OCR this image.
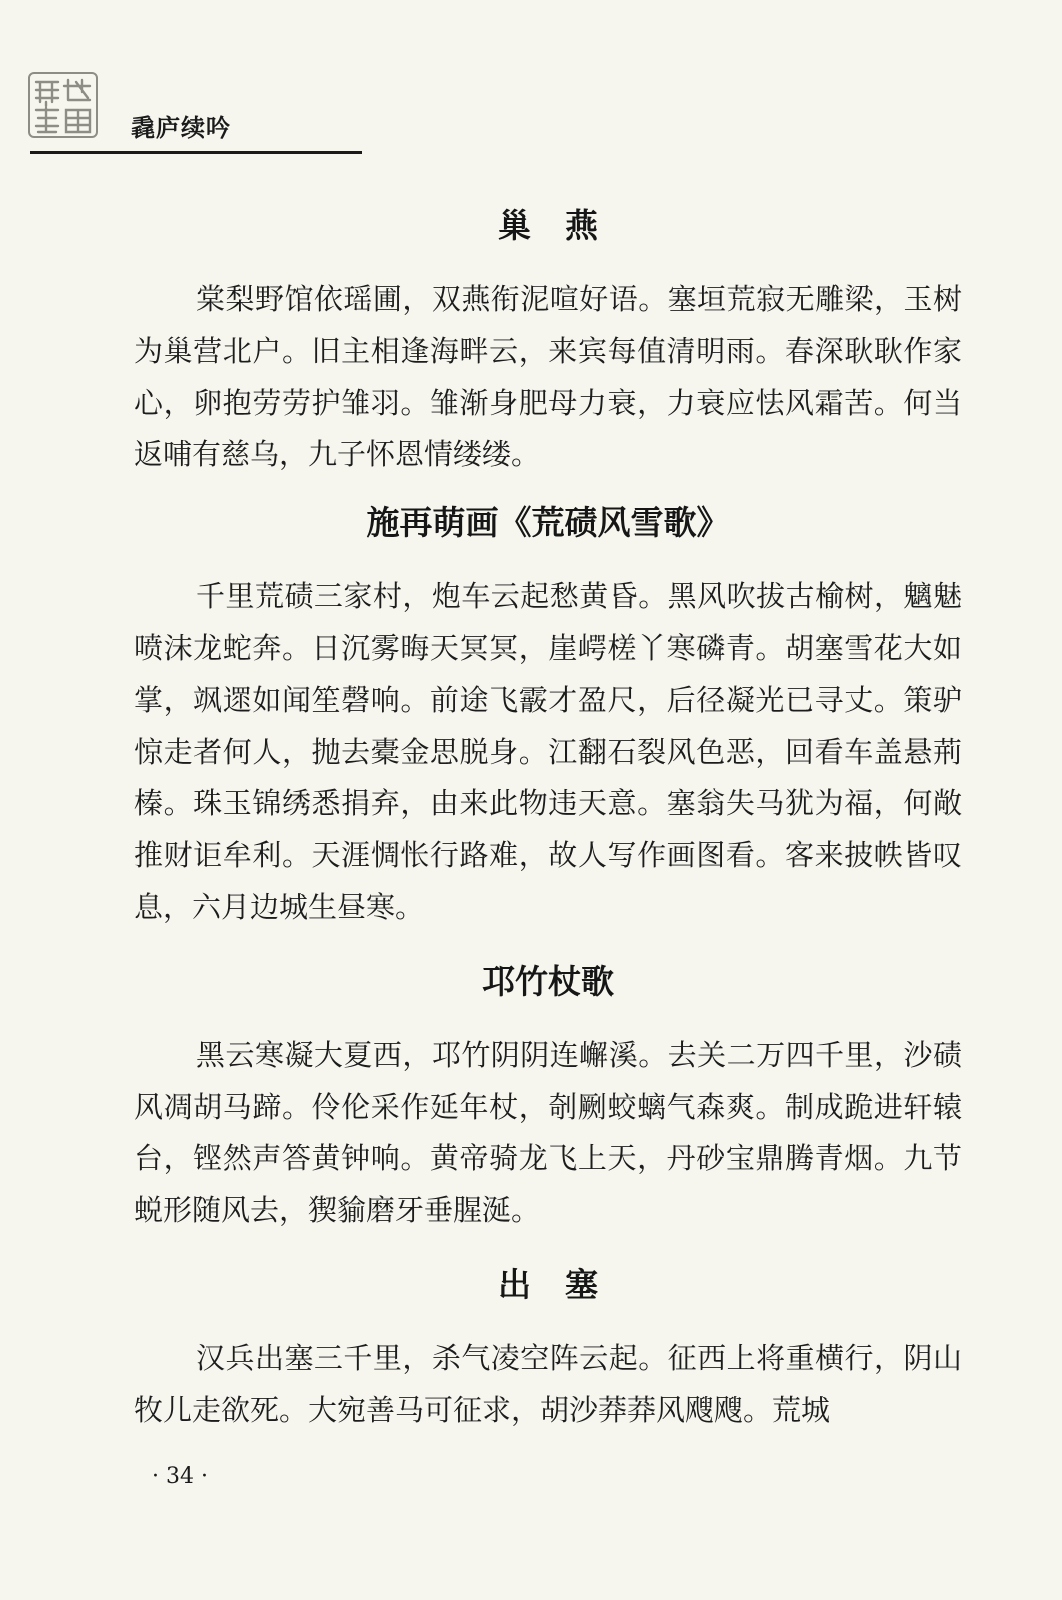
毳庐续吟
巢燕

棠梨野馆依瑶圃，双燕衔泥喧好语。塞垣荒寂无雕梁，玉树为巢营北户。旧主相逢海畔云，来宾每值清明雨。春深耿耿作家心，卵抱劳劳护雏羽。雏渐身肥母力衰，力衰应怯风霜苦。何当返哺有慈乌，九子怀恩情缕缕。

施再萌画《荒碛风雪歌》

千里荒碛三家村，炮车云起愁黄昏。黑风吹拔古榆树，魑魅喷沫龙蛇奔。日沉雾晦天冥冥，崖崿槎丫寒磷青。胡塞雪花大如掌，飒遝如闻笙磬响。前途飞霰才盈尺，后径凝光已寻丈。策驴惊走者何人，抛去橐金思脱身。江翻石裂风色恶，回看车盖悬荊榛。珠玉锦绣悉捐弃，由来此物违天意。塞翁失马犹为福，何敞推财讵牟利。天涯惆怅行路难，故人写作画图看。客来披帙皆叹息，六月边城生昼寒。

邛竹杖歌

黑云寒凝大夏西，邛竹阴阴连嶰溪。去关二万四千里，沙碛风凋胡马蹄。伶伦采作延年杖，剞劂蛟螭气森爽。制成跪进轩辕台，铿然声答黄钟响。黄帝骑龙飞上天，丹砂宝鼎腾青烟。九节蜕形随风去，猰貐磨牙垂腥涎。

出塞

汉兵出塞三千里，杀气凌空阵云起。征西上将重横行，阴山牧儿走欲死。大宛善马可征求，胡沙莽莽风飕飕。荒城

· 34 ·
